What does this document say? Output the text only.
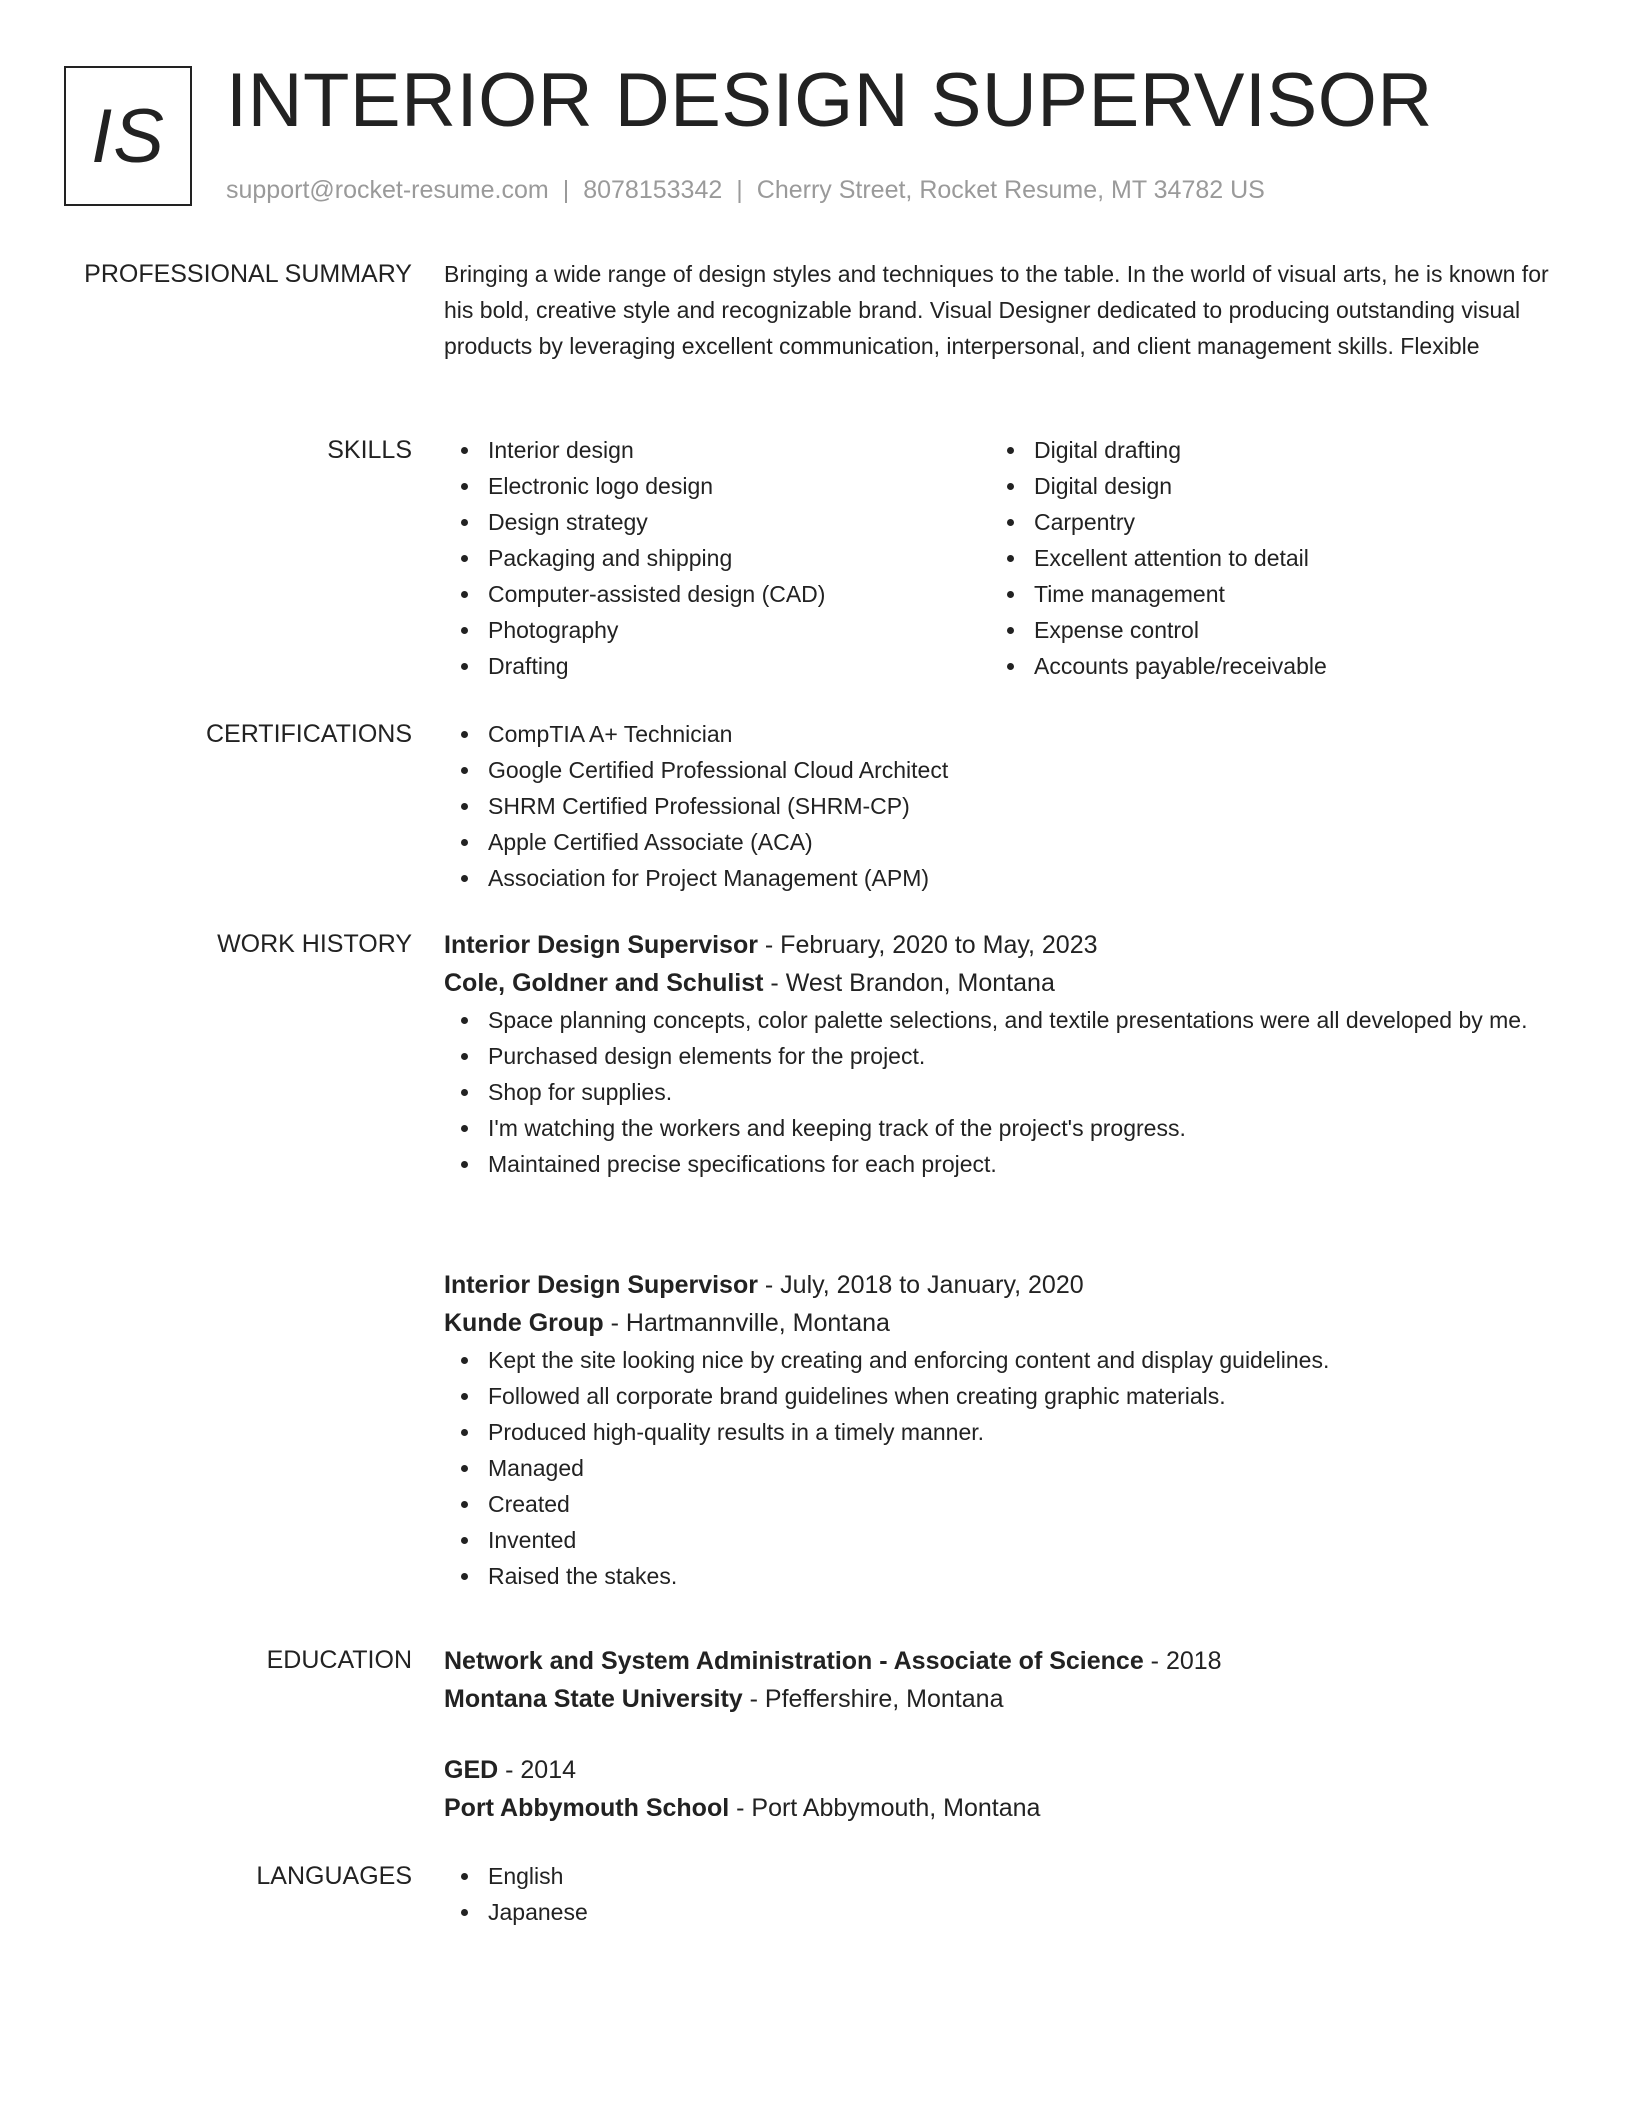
IS INTERIOR DESIGN SUPERVISOR
support@rocket-resume.com | 8078153342 | Cherry Street, Rocket Resume, MT 34782 US
PROFESSIONAL SUMMARY Bringing a wide range of design styles and techniques to the table. In the world of visual arts, he is known for his bold, creative style and recognizable brand. Visual Designer dedicated to producing outstanding visual products by leveraging excellent communication, interpersonal, and client management skills. Flexible

SKILLS	Interior design
Electronic logo design
Design strategy
Packaging and shipping
Computer-assisted design (CAD)
Photography
Drafting
Digital drafting
Digital design
Carpentry
Excellent attention to detail
Time management
Expense control
Accounts payable/receivable
CERTIFICATIONS	CompTIA A+ Technician
Google Certified Professional Cloud Architect
SHRM Certified Professional (SHRM-CP)
Apple Certified Associate (ACA)
Association for Project Management (APM)
WORK HISTORY Interior Design Supervisor - February, 2020 to May, 2023
Cole, Goldner and Schulist - West Brandon, Montana
Space planning concepts, color palette selections, and textile presentations were all developed by me.
Purchased design elements for the project.
Shop for supplies.
I'm watching the workers and keeping track of the project's progress.
Maintained precise specifications for each project.
Interior Design Supervisor - July, 2018 to January, 2020
Kunde Group - Hartmannville, Montana
Kept the site looking nice by creating and enforcing content and display guidelines.
Followed all corporate brand guidelines when creating graphic materials.
Produced high-quality results in a timely manner.
Managed
Created
Invented
Raised the stakes.
EDUCATION Network and System Administration - Associate of Science - 2018
Montana State University - Pfeffershire, Montana
GED - 2014
Port Abbymouth School - Port Abbymouth, Montana
LANGUAGES	English
Japanese
